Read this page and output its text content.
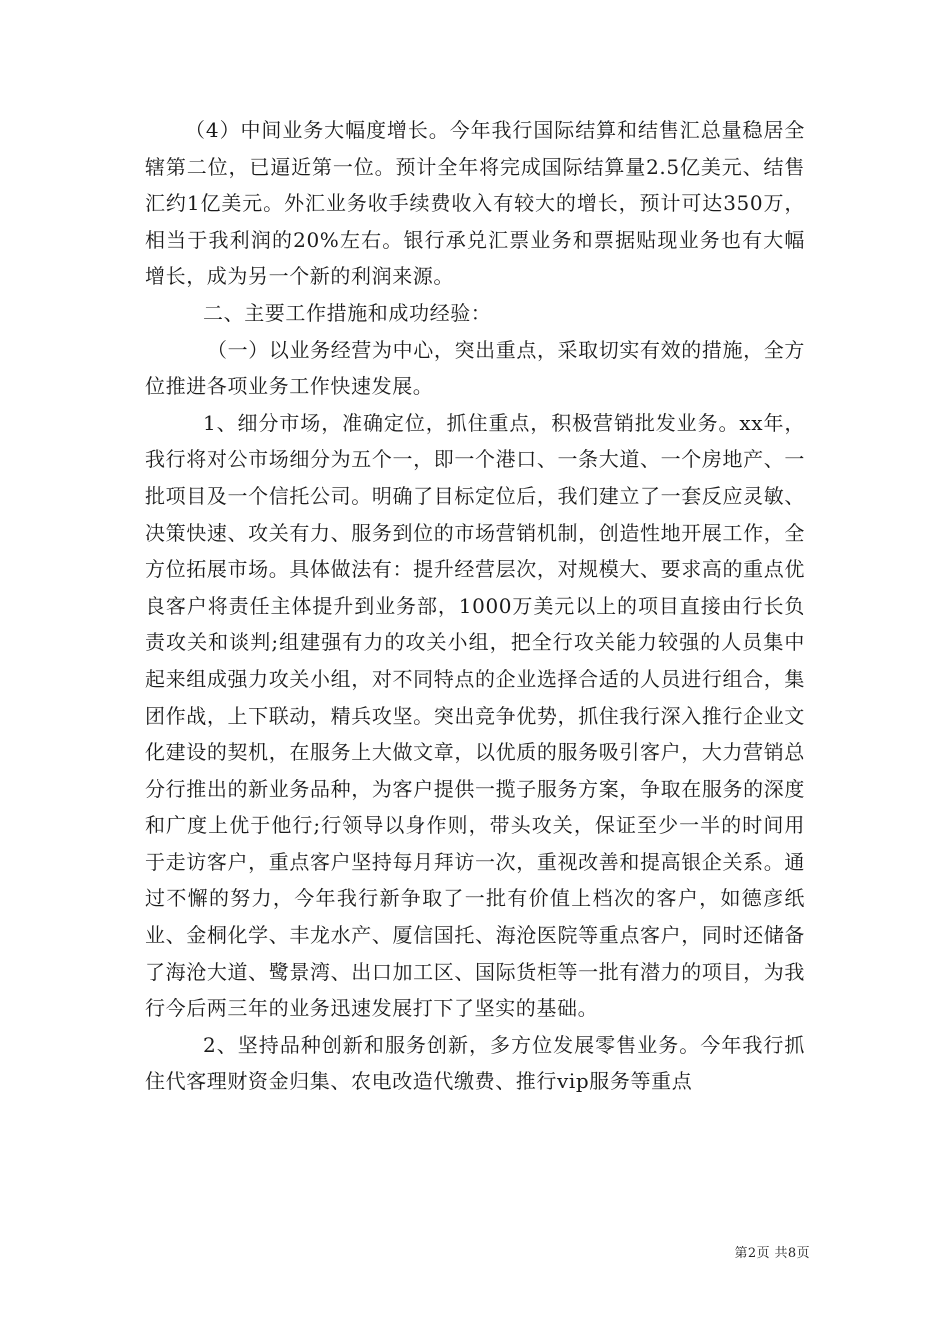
（4）中间业务大幅度增长。今年我行国际结算和结售汇总量稳居全辖第二位，已逼近第一位。预计全年将完成国际结算量2.5亿美元、结售汇约1亿美元。外汇业务收手续费收入有较大的增长，预计可达350万，相当于我利润的20%左右。银行承兑汇票业务和票据贴现业务也有大幅增长，成为另一个新的利润来源。

二、主要工作措施和成功经验：

（一）以业务经营为中心，突出重点，采取切实有效的措施，全方位推进各项业务工作快速发展。

1、细分市场，准确定位，抓住重点，积极营销批发业务。xx年，我行将对公市场细分为五个一，即一个港口、一条大道、一个房地产、一批项目及一个信托公司。明确了目标定位后，我们建立了一套反应灵敏、决策快速、攻关有力、服务到位的市场营销机制，创造性地开展工作，全方位拓展市场。具体做法有：提升经营层次，对规模大、要求高的重点优良客户将责任主体提升到业务部，1000万美元以上的项目直接由行长负责攻关和谈判;组建强有力的攻关小组，把全行攻关能力较强的人员集中起来组成强力攻关小组，对不同特点的企业选择合适的人员进行组合，集团作战，上下联动，精兵攻坚。突出竞争优势，抓住我行深入推行企业文化建设的契机，在服务上大做文章，以优质的服务吸引客户，大力营销总分行推出的新业务品种，为客户提供一揽子服务方案，争取在服务的深度和广度上优于他行;行领导以身作则，带头攻关，保证至少一半的时间用于走访客户，重点客户坚持每月拜访一次，重视改善和提高银企关系。通过不懈的努力，今年我行新争取了一批有价值上档次的客户，如德彦纸业、金桐化学、丰龙水产、厦信国托、海沧医院等重点客户，同时还储备了海沧大道、鹭景湾、出口加工区、国际货柜等一批有潜力的项目，为我行今后两三年的业务迅速发展打下了坚实的基础。

2、坚持品种创新和服务创新，多方位发展零售业务。今年我行抓住代客理财资金归集、农电改造代缴费、推行vip服务等重点

第2页 共8页
